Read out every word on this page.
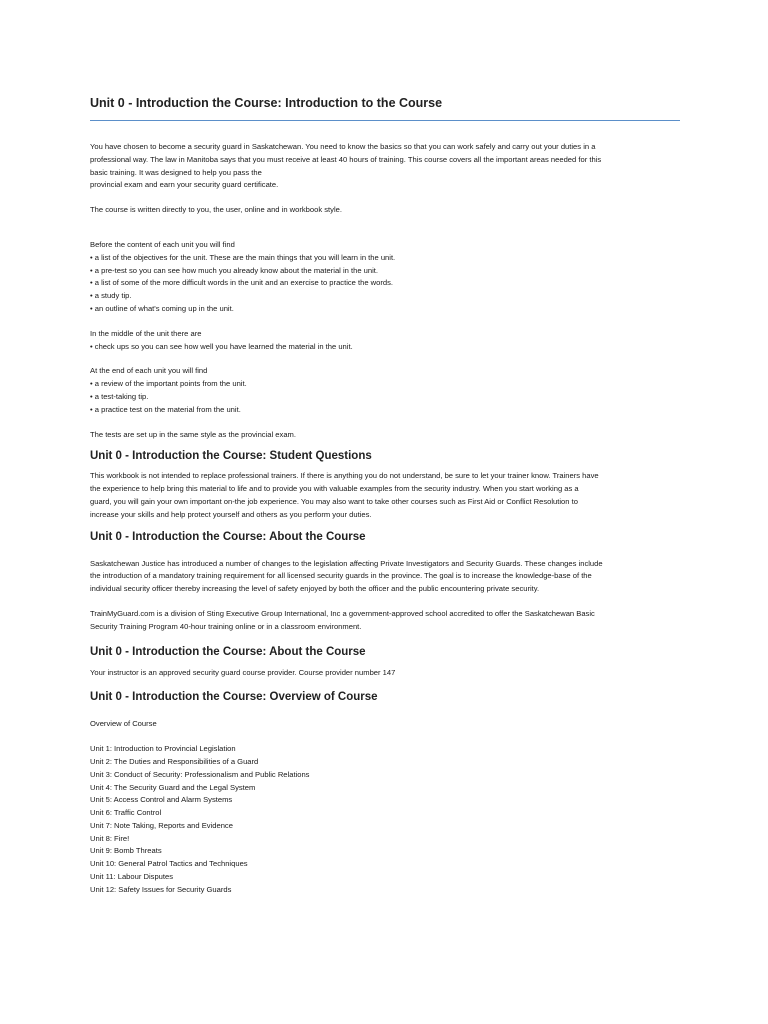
Unit 0 - Introduction the Course: Introduction to the Course
You have chosen to become a security guard in Saskatchewan. You need to know the basics so that you can work safely and carry out your duties in a
professional way. The law in Manitoba says that you must receive at least 40 hours of training. This course covers all the important areas needed for this
basic training. It was designed to help you pass the
provincial exam and earn your security guard certificate.

The course is written directly to you, the user, online and in workbook style.

Before the content of each unit you will find
• a list of the objectives for the unit. These are the main things that you will learn in the unit.
• a pre-test so you can see how much you already know about the material in the unit.
• a list of some of the more difficult words in the unit and an exercise to practice the words.
• a study tip.
• an outline of what's coming up in the unit.
In the middle of the unit there are
• check ups so you can see how well you have learned the material in the unit.
At the end of each unit you will find
• a review of the important points from the unit.
• a test-taking tip.
• a practice test on the material from the unit.

The tests are set up in the same style as the provincial exam.

Unit 0 - Introduction the Course: Student Questions
This workbook is not intended to replace professional trainers. If there is anything you do not understand, be sure to let your trainer know. Trainers have
the experience to help bring this material to life and to provide you with valuable examples from the security industry. When you start working as a
guard, you will gain your own important on-the job experience. You may also want to take other courses such as First Aid or Conflict Resolution to
increase your skills and help protect yourself and others as you perform your duties.
Unit 0 - Introduction the Course: About the Course
Saskatchewan Justice has introduced a number of changes to the legislation affecting Private Investigators and Security Guards. These changes include
the introduction of a mandatory training requirement for all licensed security guards in the province. The goal is to increase the knowledge-base of the
individual security officer thereby increasing the level of safety enjoyed by both the officer and the public encountering private security.
TrainMyGuard.com is a division of Sting Executive Group International, Inc a government-approved school accredited to offer the Saskatchewan Basic
Security Training Program 40-hour training online or in a classroom environment.
Unit 0 - Introduction the Course: About the Course

Your instructor is an approved security guard course provider. Course provider number 147

Unit 0 - Introduction the Course: Overview of Course

Overview of Course

Unit 1: Introduction to Provincial Legislation
Unit 2: The Duties and Responsibilities of a Guard
Unit 3: Conduct of Security: Professionalism and Public Relations
Unit 4: The Security Guard and the Legal System
Unit 5: Access Control and Alarm Systems
Unit 6: Traffic Control
Unit 7: Note Taking, Reports and Evidence
Unit 8: Fire!
Unit 9: Bomb Threats
Unit 10: General Patrol Tactics and Techniques
Unit 11: Labour Disputes
Unit 12: Safety Issues for Security Guards
